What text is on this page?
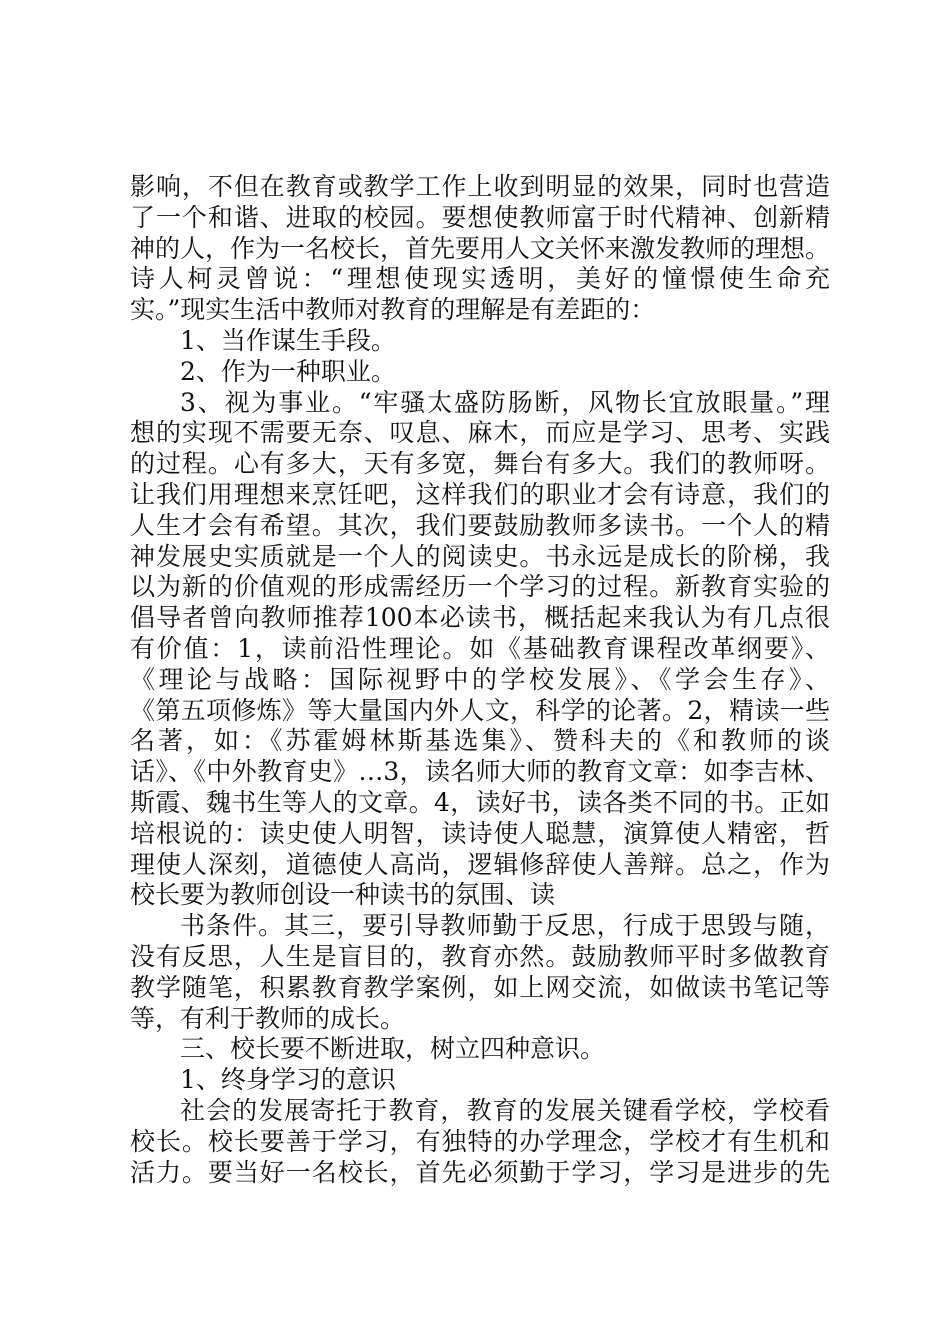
影响，不但在教育或教学工作上收到明显的效果，同时也营造
了一个和谐、进取的校园。要想使教师富于时代精神、创新精
神的人，作为一名校长，首先要用人文关怀来激发教师的理想。
诗人柯灵曾说：“理想使现实透明，美好的憧憬使生命充
实。”现实生活中教师对教育的理解是有差距的：
1、当作谋生手段。
2、作为一种职业。
3、视为事业。“牢骚太盛防肠断，风物长宜放眼量。”理
想的实现不需要无奈、叹息、麻木，而应是学习、思考、实践
的过程。心有多大，天有多宽，舞台有多大。我们的教师呀。
让我们用理想来烹饪吧，这样我们的职业才会有诗意，我们的
人生才会有希望。其次，我们要鼓励教师多读书。一个人的精
神发展史实质就是一个人的阅读史。书永远是成长的阶梯，我
以为新的价值观的形成需经历一个学习的过程。新教育实验的
倡导者曾向教师推荐100本必读书，概括起来我认为有几点很
有价值：1，读前沿性理论。如《基础教育课程改革纲要》、
《理论与战略：国际视野中的学校发展》、《学会生存》、
《第五项修炼》等大量国内外人文，科学的论著。2，精读一些
名著，如：《苏霍姆林斯基选集》、赞科夫的《和教师的谈
话》、《中外教育史》…3，读名师大师的教育文章：如李吉林、
斯霞、魏书生等人的文章。4，读好书，读各类不同的书。正如
培根说的：读史使人明智，读诗使人聪慧，演算使人精密，哲
理使人深刻，道德使人高尚，逻辑修辞使人善辩。总之，作为
校长要为教师创设一种读书的氛围、读
书条件。其三，要引导教师勤于反思，行成于思毁与随，
没有反思，人生是盲目的，教育亦然。鼓励教师平时多做教育
教学随笔，积累教育教学案例，如上网交流，如做读书笔记等
等，有利于教师的成长。
三、校长要不断进取，树立四种意识。
1、终身学习的意识
社会的发展寄托于教育，教育的发展关键看学校，学校看
校长。校长要善于学习，有独特的办学理念，学校才有生机和
活力。要当好一名校长，首先必须勤于学习，学习是进步的先
